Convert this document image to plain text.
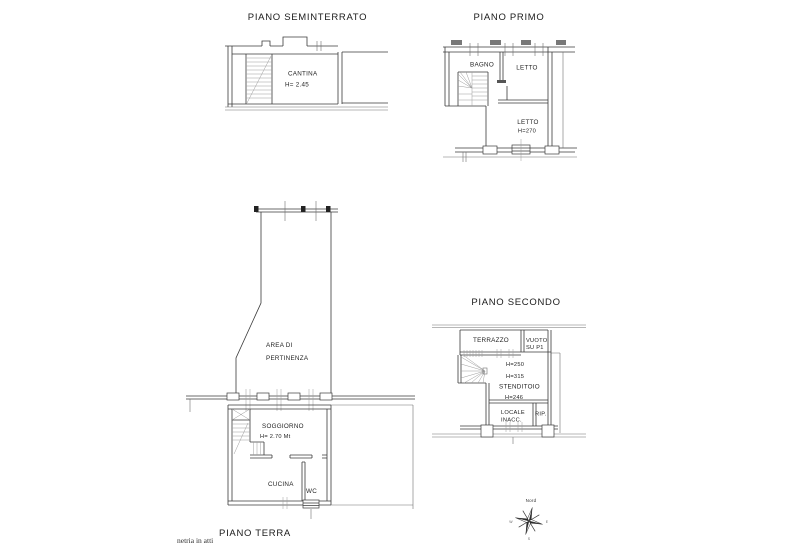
PIANO SEMINTERRATO
CANTINA
H= 2.45
PIANO PRIMO
BAGNO	LETTO
LETTO
H=270
AREA DI
PERTINENZA
SOGGIORNO
H= 2.70 Mt
CUCINA
WC
PIANO TERRA
PIANO SECONDO
TERRAZZO	VUOTO
SU P1
H=250
H=315
STENDITOIO
H=246
LOCALE
INACC.
RIP.
Nord
W	E
S
netria in atti
